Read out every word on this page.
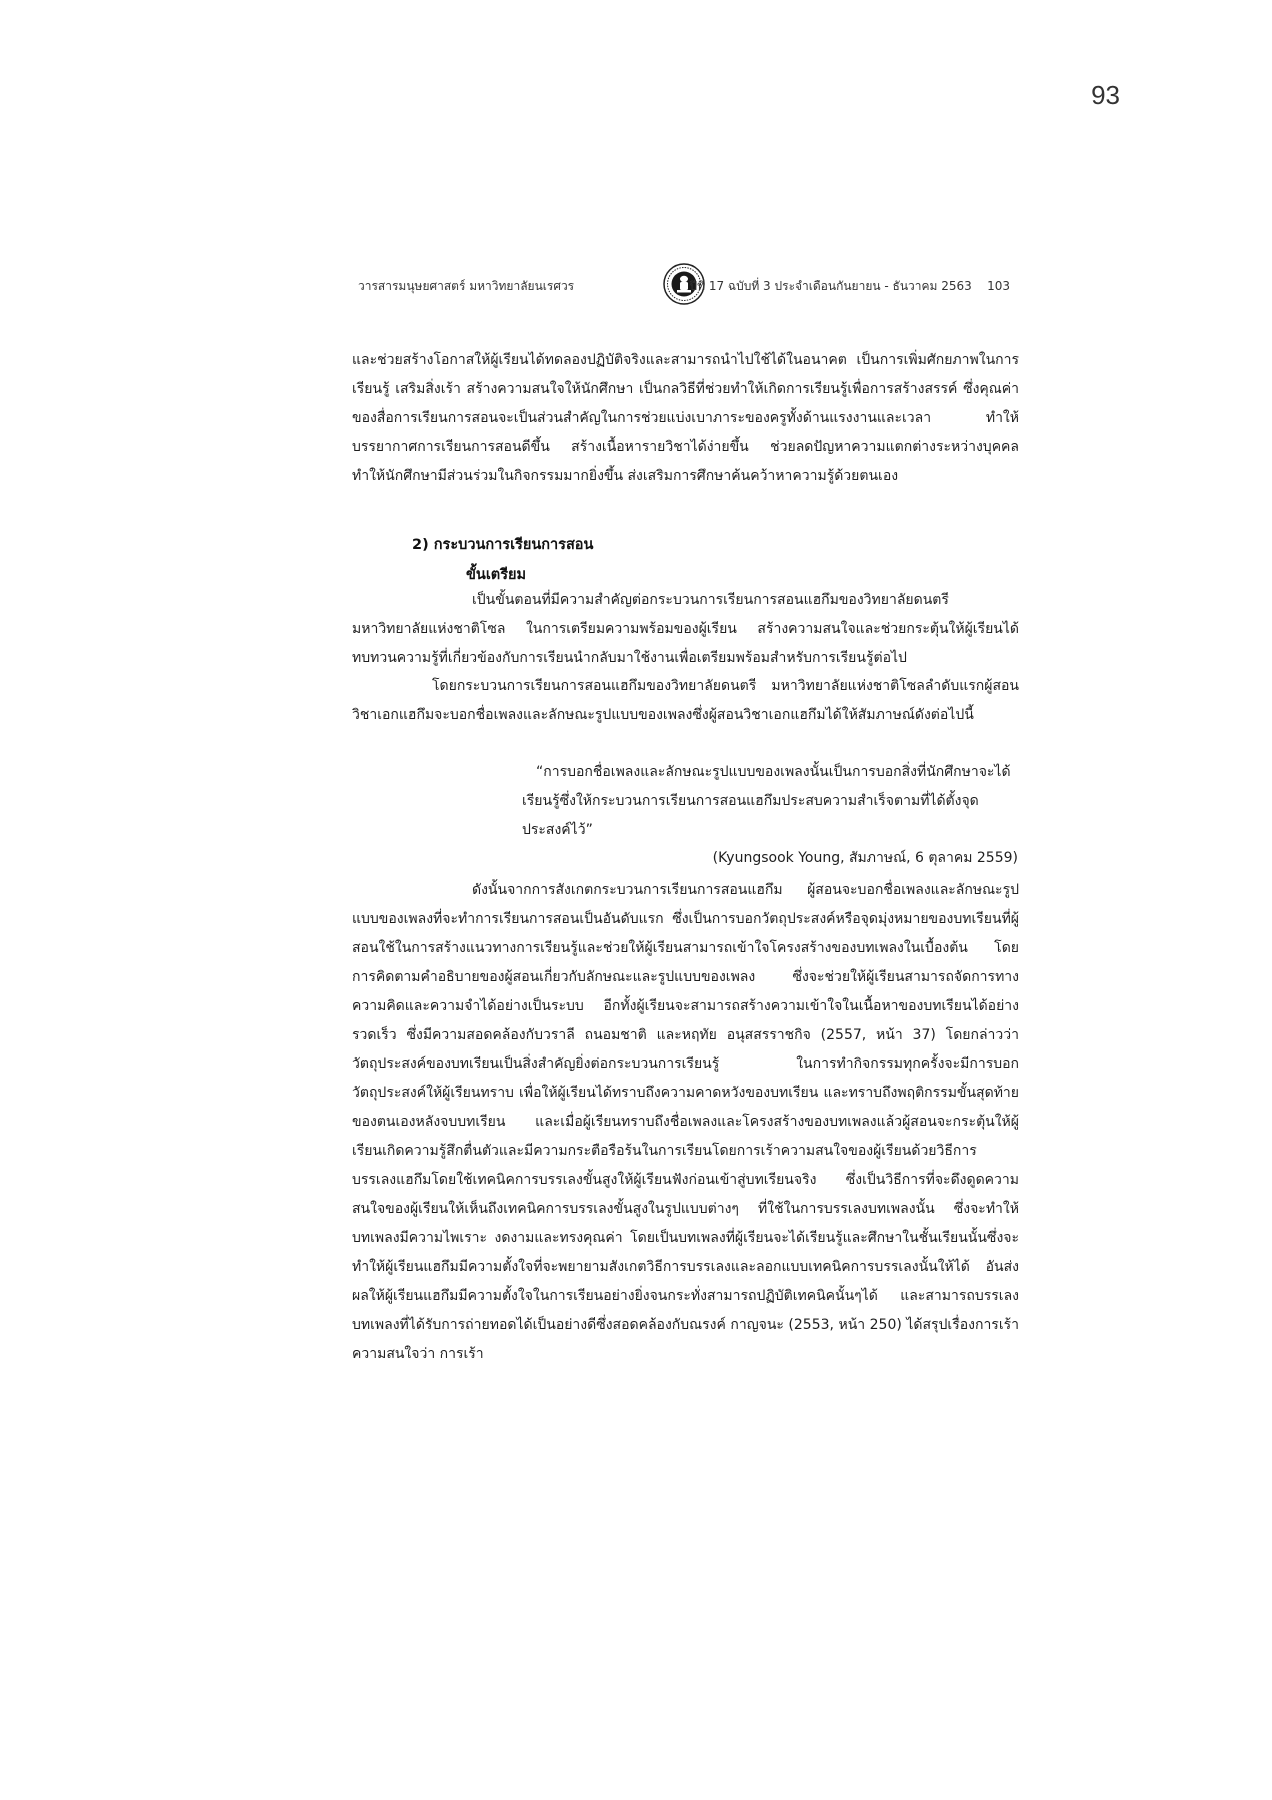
93
วารสารมนุษยศาสตร์ มหาวิทยาลัยนเรศวร	ปีที่ 17 ฉบับที่ 3 ประจำเดือนกันยายน - ธันวาคม 2563 103

และช่วยสร้างโอกาสให้ผู้เรียนได้ทดลองปฏิบัติจริงและสามารถนำไปใช้ได้ในอนาคต เป็นการเพิ่มศักยภาพในการเรียนรู้ เสริมสิ่งเร้า สร้างความสนใจให้นักศึกษา เป็นกลวิธีที่ช่วยทำให้เกิดการเรียนรู้เพื่อการสร้างสรรค์ ซึ่งคุณค่าของสื่อการเรียนการสอนจะเป็นส่วนสำคัญในการช่วยแบ่งเบาภาระของครูทั้งด้านแรงงานและเวลา ทำให้บรรยากาศการเรียนการสอนดีขึ้น สร้างเนื้อหารายวิชาได้ง่ายขึ้น ช่วยลดปัญหาความแตกต่างระหว่างบุคคล ทำให้นักศึกษามีส่วนร่วมในกิจกรรมมากยิ่งขึ้น ส่งเสริมการศึกษาค้นคว้าหาความรู้ด้วยตนเอง

2) กระบวนการเรียนการสอน
ขั้นเตรียม

เป็นขั้นตอนที่มีความสำคัญต่อกระบวนการเรียนการสอนแฮกึมของวิทยาลัยดนตรี มหาวิทยาลัยแห่งชาติโซล ในการเตรียมความพร้อมของผู้เรียน สร้างความสนใจและช่วยกระตุ้นให้ผู้เรียนได้ทบทวนความรู้ที่เกี่ยวข้องกับการเรียนนำกลับมาใช้งานเพื่อเตรียมพร้อมสำหรับการเรียนรู้ต่อไป

โดยกระบวนการเรียนการสอนแฮกึมของวิทยาลัยดนตรี มหาวิทยาลัยแห่งชาติโซลลำดับแรกผู้สอนวิชาเอกแฮกึมจะบอกชื่อเพลงและลักษณะรูปแบบของเพลงซึ่งผู้สอนวิชาเอกแฮกึมได้ให้สัมภาษณ์ดังต่อไปนี้

“การบอกชื่อเพลงและลักษณะรูปแบบของเพลงนั้นเป็นการบอกสิ่งที่นักศึกษาจะได้เรียนรู้ซึ่งให้กระบวนการเรียนการสอนแฮกึมประสบความสำเร็จตามที่ได้ตั้งจุดประสงค์ไว้”

(Kyungsook Young, สัมภาษณ์, 6 ตุลาคม 2559)

ดังนั้นจากการสังเกตกระบวนการเรียนการสอนแฮกึม ผู้สอนจะบอกชื่อเพลงและลักษณะรูปแบบของเพลงที่จะทำการเรียนการสอนเป็นอันดับแรก ซึ่งเป็นการบอกวัตถุประสงค์หรือจุดมุ่งหมายของบทเรียนที่ผู้สอนใช้ในการสร้างแนวทางการเรียนรู้และช่วยให้ผู้เรียนสามารถเข้าใจโครงสร้างของบทเพลงในเบื้องต้น โดยการคิดตามคำอธิบายของผู้สอนเกี่ยวกับลักษณะและรูปแบบของเพลง ซึ่งจะช่วยให้ผู้เรียนสามารถจัดการทางความคิดและความจำได้อย่างเป็นระบบ อีกทั้งผู้เรียนจะสามารถสร้างความเข้าใจในเนื้อหาของบทเรียนได้อย่างรวดเร็ว ซึ่งมีความสอดคล้องกับวราลี ถนอมชาติ และหฤทัย อนุสสรราชกิจ (2557, หน้า 37) โดยกล่าวว่า วัตถุประสงค์ของบทเรียนเป็นสิ่งสำคัญยิ่งต่อกระบวนการเรียนรู้ ในการทำกิจกรรมทุกครั้งจะมีการบอกวัตถุประสงค์ให้ผู้เรียนทราบ เพื่อให้ผู้เรียนได้ทราบถึงความคาดหวังของบทเรียน และทราบถึงพฤติกรรมขั้นสุดท้ายของตนเองหลังจบบทเรียน และเมื่อผู้เรียนทราบถึงชื่อเพลงและโครงสร้างของบทเพลงแล้วผู้สอนจะกระตุ้นให้ผู้เรียนเกิดความรู้สึกตื่นตัวและมีความกระตือรือร้นในการเรียนโดยการเร้าความสนใจของผู้เรียนด้วยวิธีการบรรเลงแฮกึมโดยใช้เทคนิคการบรรเลงขั้นสูงให้ผู้เรียนฟังก่อนเข้าสู่บทเรียนจริง ซึ่งเป็นวิธีการที่จะดึงดูดความสนใจของผู้เรียนให้เห็นถึงเทคนิคการบรรเลงขั้นสูงในรูปแบบต่างๆ ที่ใช้ในการบรรเลงบทเพลงนั้น ซึ่งจะทำให้บทเพลงมีความไพเราะ งดงามและทรงคุณค่า โดยเป็นบทเพลงที่ผู้เรียนจะได้เรียนรู้และศึกษาในชั้นเรียนนั้นซึ่งจะทำให้ผู้เรียนแฮกึมมีความตั้งใจที่จะพยายามสังเกตวิธีการบรรเลงและลอกแบบเทคนิคการบรรเลงนั้นให้ได้ อันส่งผลให้ผู้เรียนแฮกึมมีความตั้งใจในการเรียนอย่างยิ่งจนกระทั่งสามารถปฏิบัติเทคนิคนั้นๆได้ และสามารถบรรเลงบทเพลงที่ได้รับการถ่ายทอดได้เป็นอย่างดีซึ่งสอดคล้องกับณรงค์ กาญจนะ (2553, หน้า 250) ได้สรุปเรื่องการเร้าความสนใจว่า การเร้า
